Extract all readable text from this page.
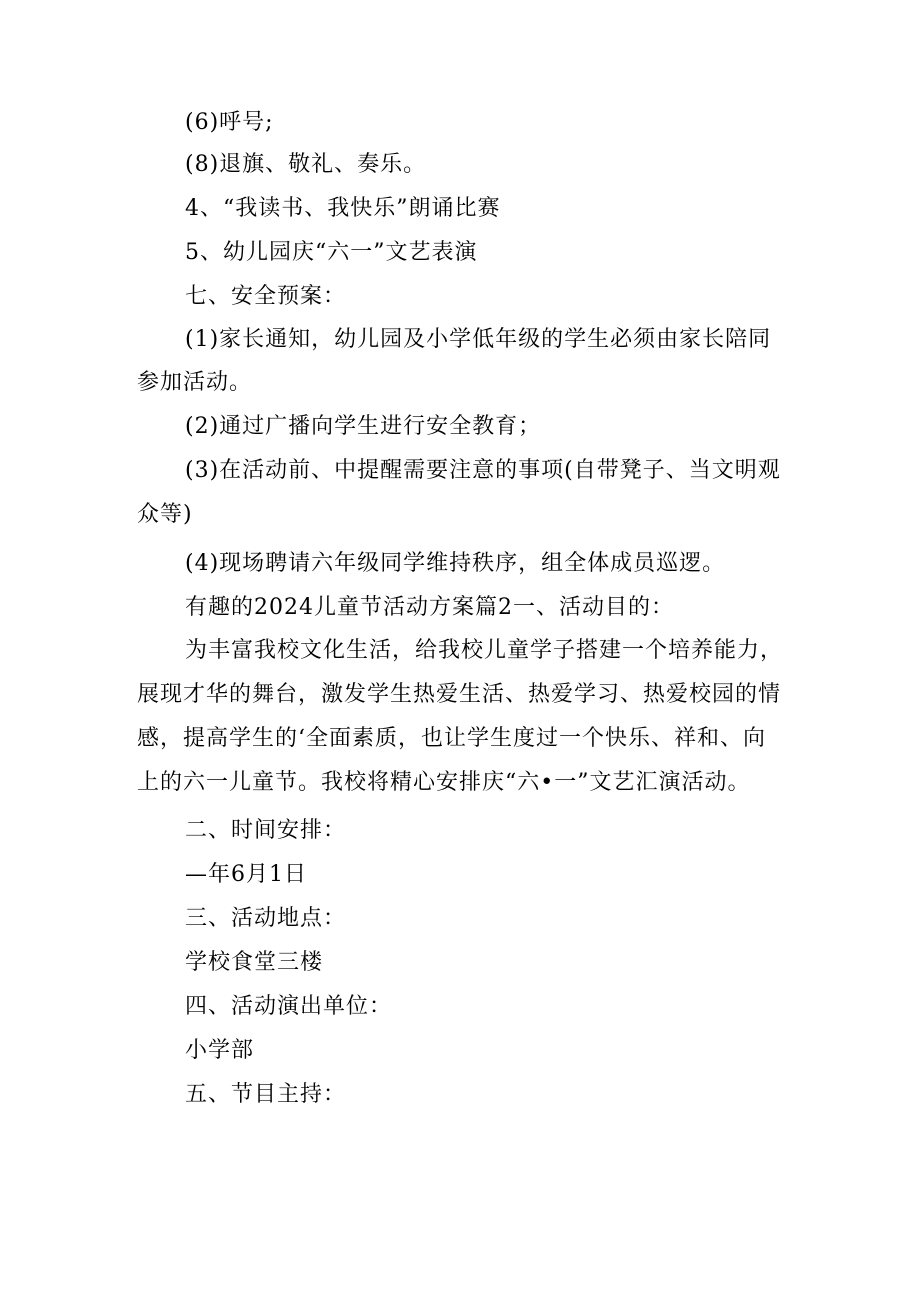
(6)呼号;

(8)退旗、敬礼、奏乐。

4、“我读书、我快乐”朗诵比赛

5、幼儿园庆“六一”文艺表演

七、安全预案：

(1)家长通知，幼儿园及小学低年级的学生必须由家长陪同

参加活动。

(2)通过广播向学生进行安全教育；

(3)在活动前、中提醒需要注意的事项(自带凳子、当文明观

众等)

(4)现场聘请六年级同学维持秩序，组全体成员巡逻。

有趣的2024儿童节活动方案篇2一、活动目的：

为丰富我校文化生活，给我校儿童学子搭建一个培养能力，

展现才华的舞台，激发学生热爱生活、热爱学习、热爱校园的情

感，提高学生的‘全面素质，也让学生度过一个快乐、祥和、向

上的六一儿童节。我校将精心安排庆“六•一”文艺汇演活动。

二、时间安排：

—年6月1日

三、活动地点：

学校食堂三楼

四、活动演出单位：

小学部

五、节目主持：
